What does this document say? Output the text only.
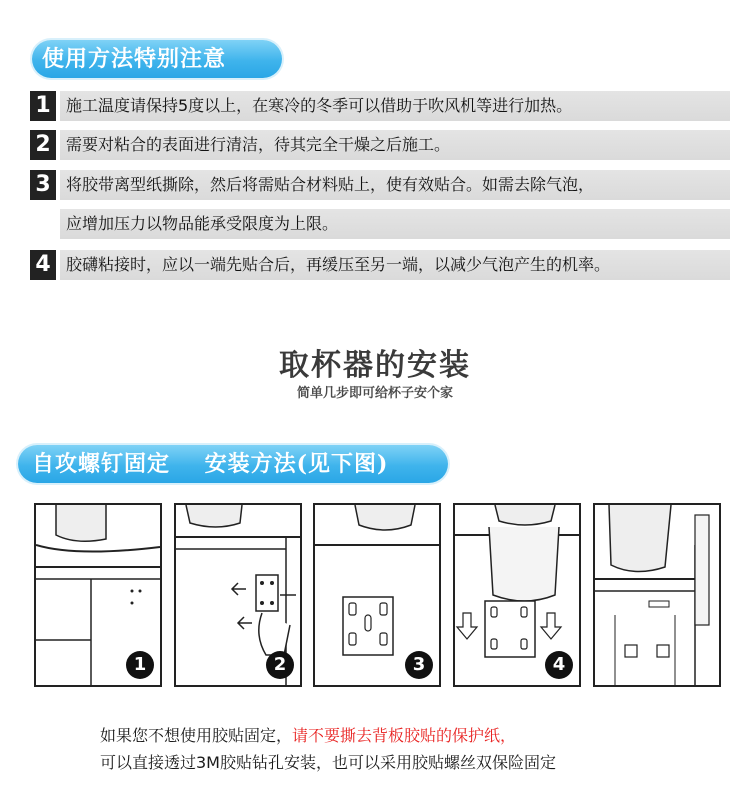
使用方法特别注意
1 施工温度请保持5度以上，在寒冷的冬季可以借助于吹风机等进行加热。
2 需要对粘合的表面进行清洁，待其完全干燥之后施工。
3 将胶带离型纸撕除，然后将需贴合材料贴上，使有效贴合。如需去除气泡，
应增加压力以物品能承受限度为上限。
4 胶礴粘接时，应以一端先贴合后，再缓压至另一端，以减少气泡产生的机率。
取杯器的安装
简单几步即可给杯子安个家
自攻螺钉固定    安装方法(见下图)
1	2	3	4
如果您不想使用胶贴固定，请不要撕去背板胶贴的保护纸，
可以直接透过3M胶贴钻孔安装，也可以采用胶贴螺丝双保险固定
